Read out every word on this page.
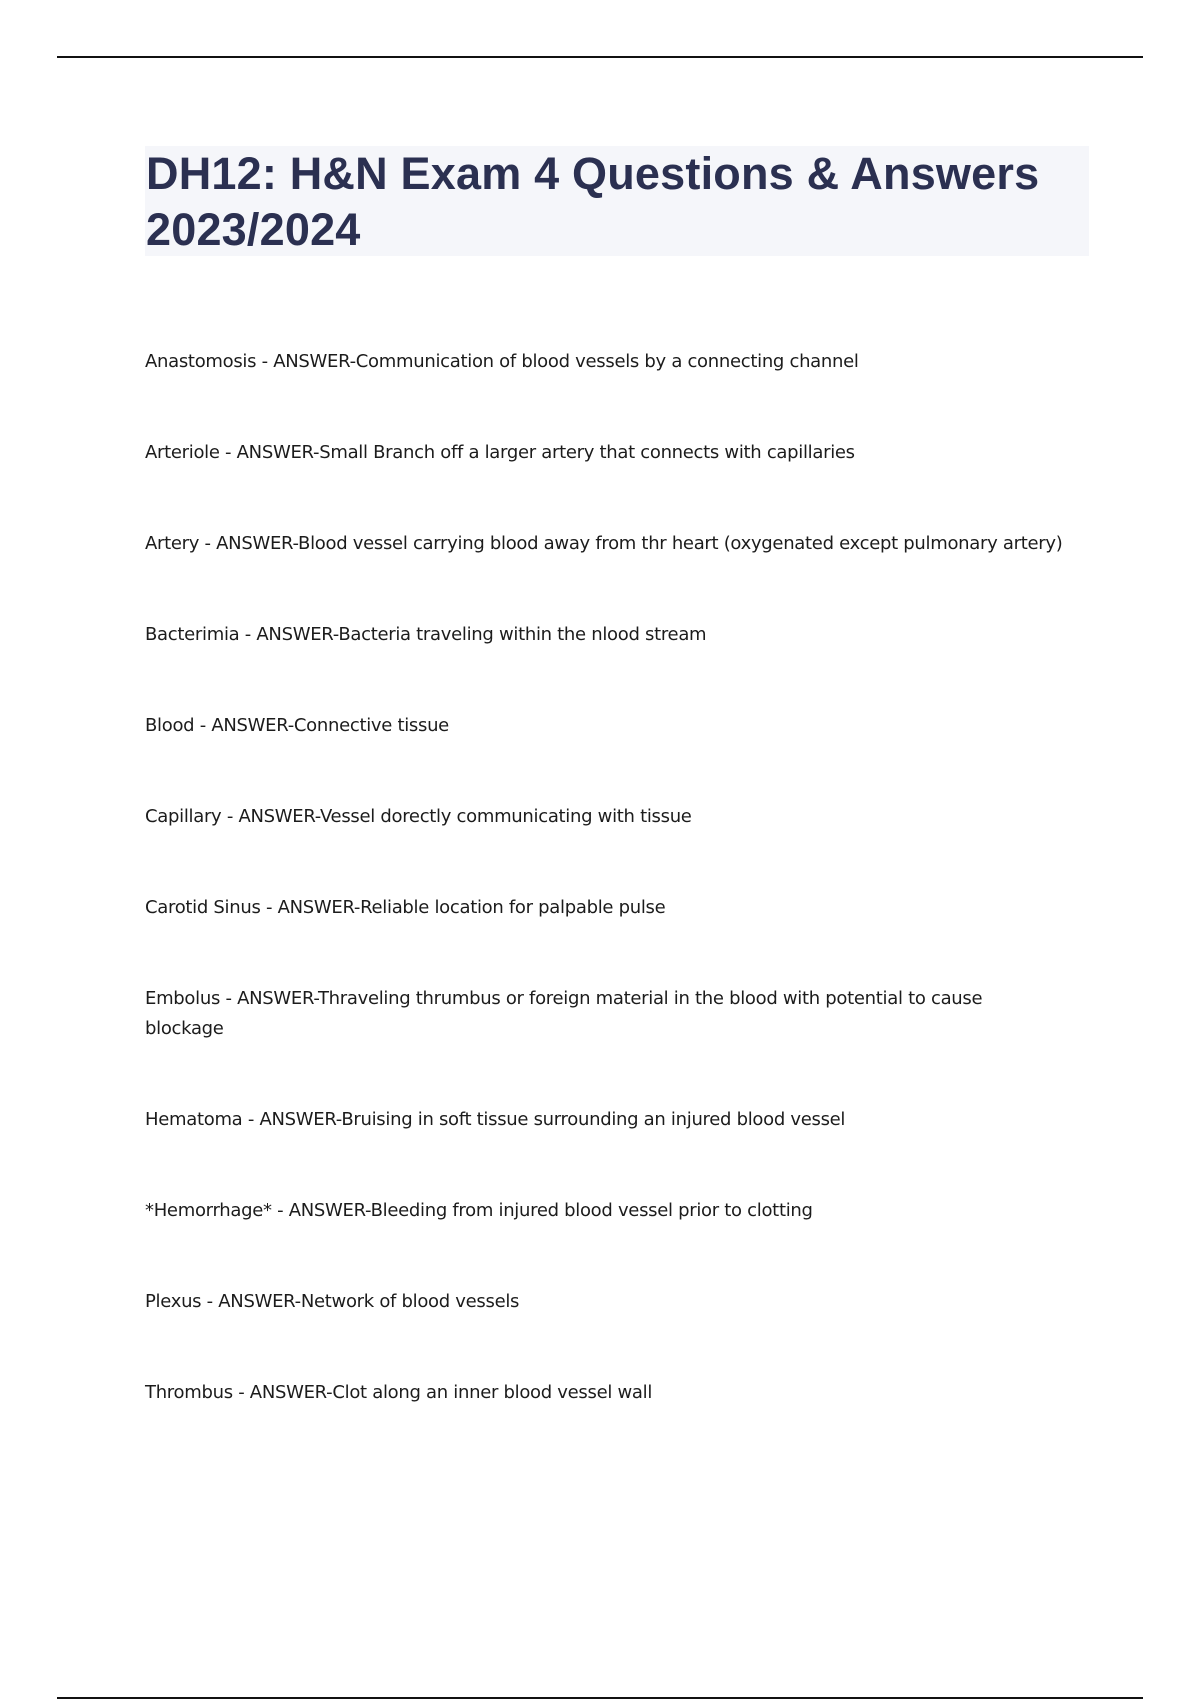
DH12: H&N Exam 4 Questions & Answers 2023/2024
Anastomosis - ANSWER-Communication of blood vessels by a connecting channel
Arteriole - ANSWER-Small Branch off a larger artery that connects with capillaries
Artery - ANSWER-Blood vessel carrying blood away from thr heart (oxygenated except pulmonary artery)
Bacterimia - ANSWER-Bacteria traveling within the nlood stream
Blood - ANSWER-Connective tissue
Capillary - ANSWER-Vessel dorectly communicating with tissue
Carotid Sinus - ANSWER-Reliable location for palpable pulse
Embolus - ANSWER-Thraveling thrumbus or foreign material in the blood with potential to cause blockage
Hematoma - ANSWER-Bruising in soft tissue surrounding an injured blood vessel
*Hemorrhage* - ANSWER-Bleeding from injured blood vessel prior to clotting
Plexus - ANSWER-Network of blood vessels
Thrombus - ANSWER-Clot along an inner blood vessel wall
